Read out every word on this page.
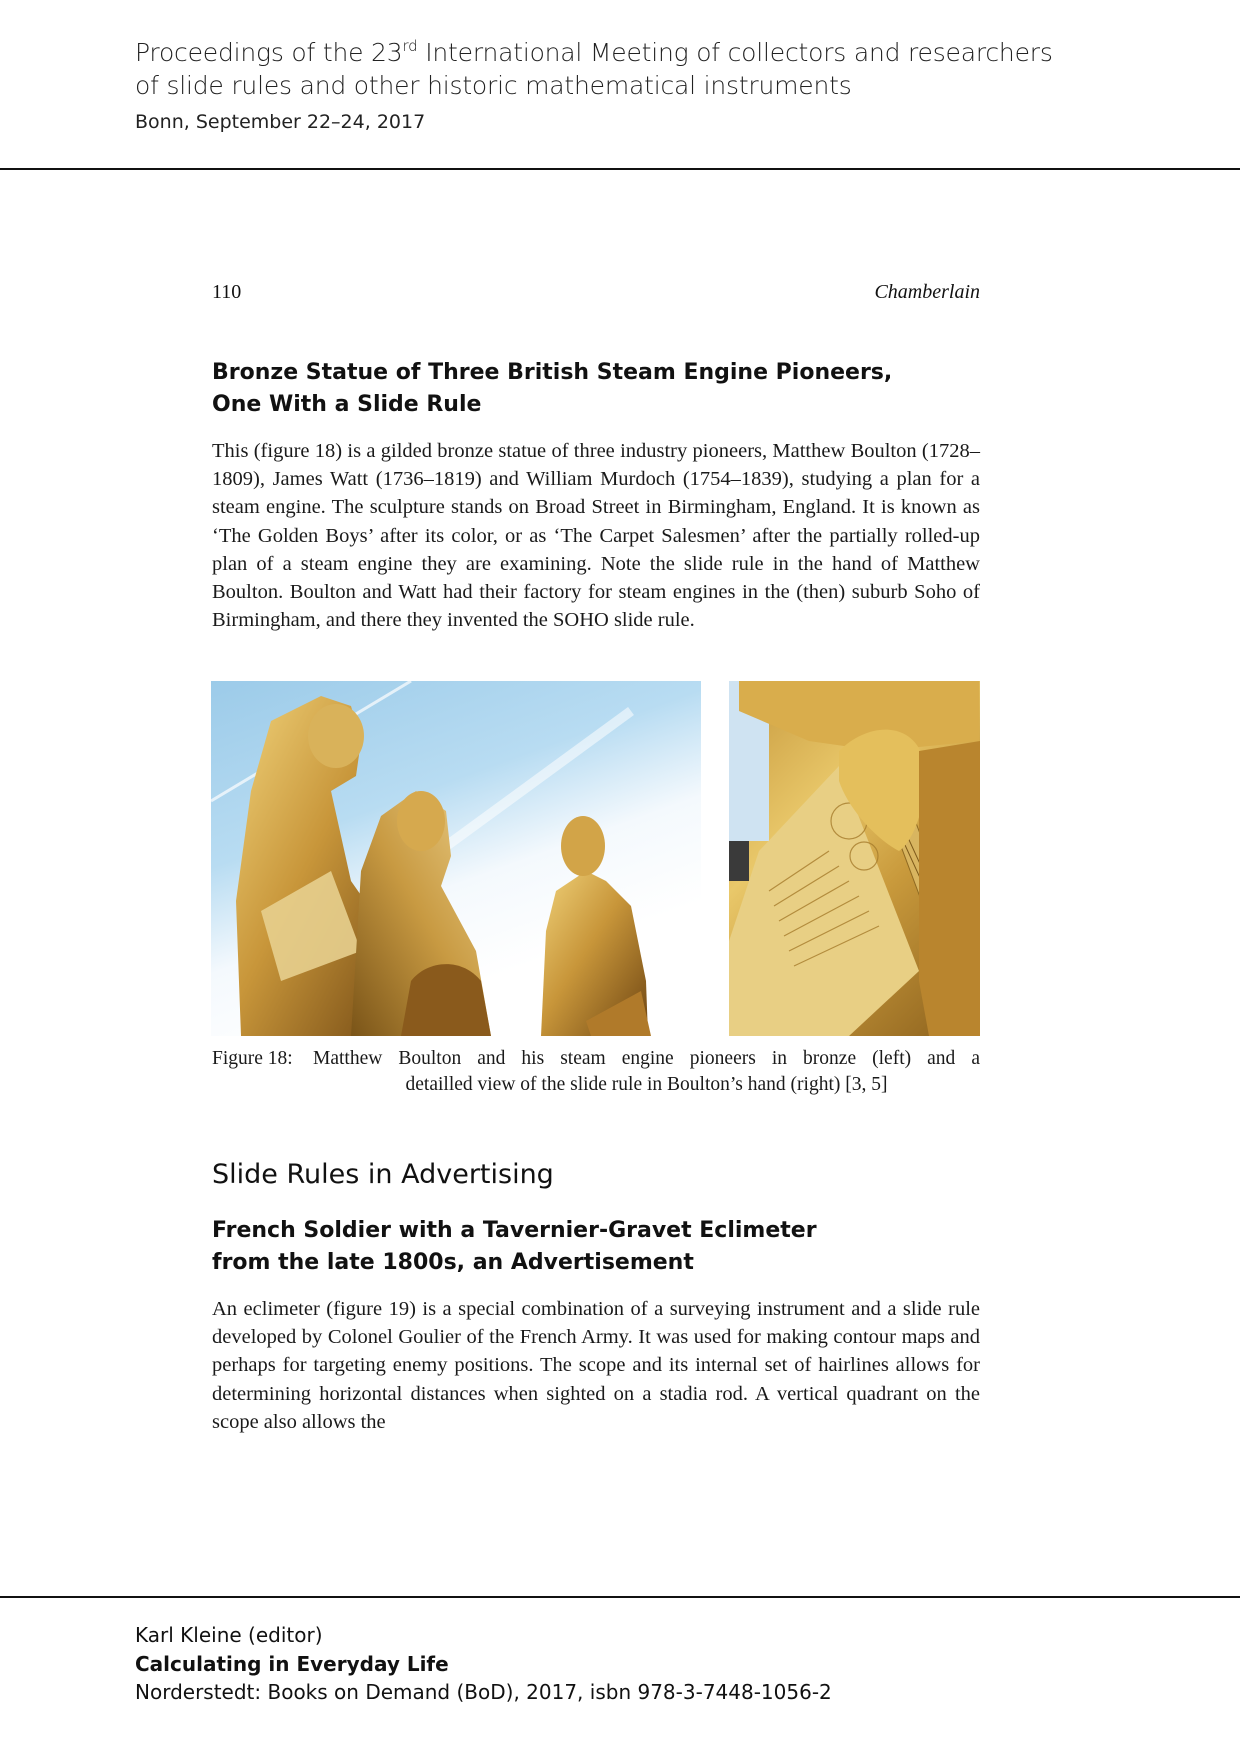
Proceedings of the 23rd International Meeting of collectors and researchers
of slide rules and other historic mathematical instruments
Bonn, September 22–24, 2017
110	Chamberlain
Bronze Statue of Three British Steam Engine Pioneers,
One With a Slide Rule
This (figure 18) is a gilded bronze statue of three industry pioneers, Matthew Boulton (1728–1809), James Watt (1736–1819) and William Murdoch (1754–1839), studying a plan for a steam engine. The sculpture stands on Broad Street in Birmingham, England. It is known as ‘The Golden Boys’ after its color, or as ‘The Carpet Salesmen’ after the partially rolled-up plan of a steam engine they are examining. Note the slide rule in the hand of Matthew Boulton. Boulton and Watt had their factory for steam engines in the (then) suburb Soho of Birmingham, and there they invented the SOHO slide rule.
Figure 18:	Matthew Boulton and his steam engine pioneers in bronze (left) and a
detailled view of the slide rule in Boulton’s hand (right) [3, 5]
Slide Rules in Advertising
French Soldier with a Tavernier-Gravet Eclimeter
from the late 1800s, an Advertisement
An eclimeter (figure 19) is a special combination of a surveying instrument and a slide rule developed by Colonel Goulier of the French Army. It was used for making contour maps and perhaps for targeting enemy positions. The scope and its internal set of hairlines allows for determining horizontal distances when sighted on a stadia rod. A vertical quadrant on the scope also allows the
Karl Kleine (editor)
Calculating in Everyday Life
Norderstedt: Books on Demand (BoD), 2017, isbn 978-3-7448-1056-2
